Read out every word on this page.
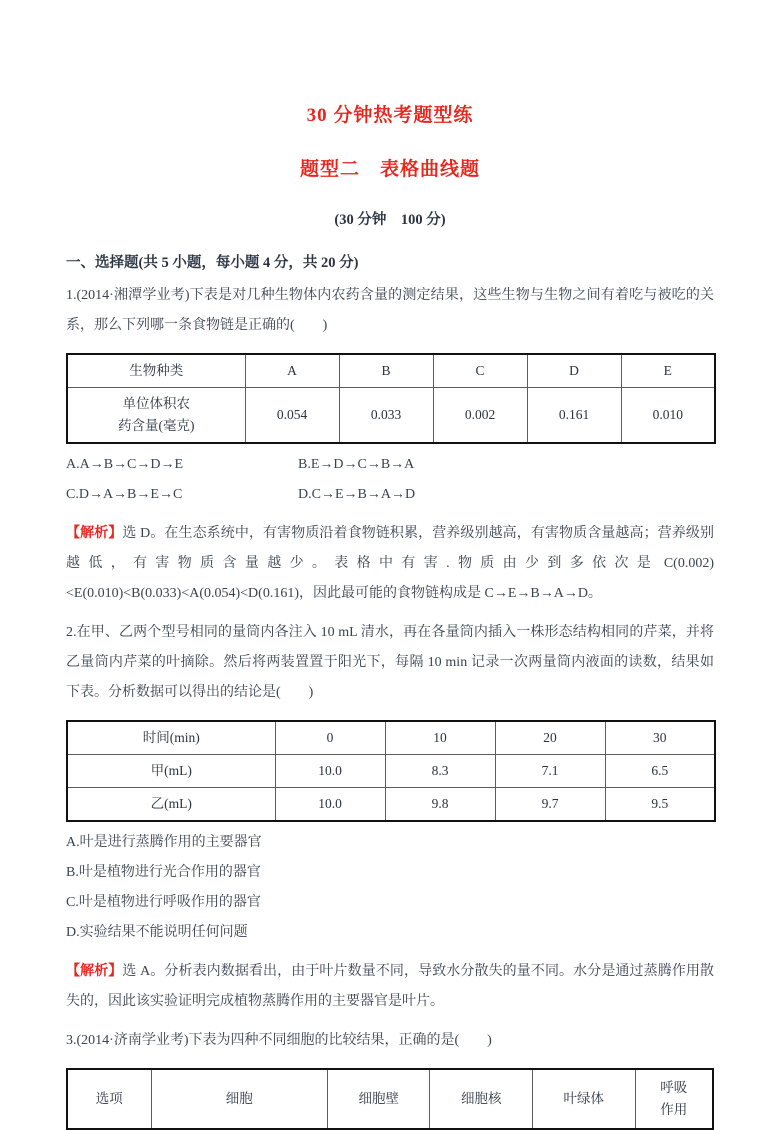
30 分钟热考题型练
题型二　表格曲线题
(30 分钟　100 分)
一、选择题(共 5 小题，每小题 4 分，共 20 分)
1.(2014·湘潭学业考)下表是对几种生物体内农药含量的测定结果，这些生物与生物之间有着吃与被吃的关系，那么下列哪一条食物链是正确的(　　)
生物种类	A	B	C	D	E

单位体积农
药含量(毫克)	0.054	0.033	0.002	0.161	0.010
A.A→B→C→D→E	B.E→D→C→B→A
C.D→A→B→E→C	D.C→E→B→A→D
【解析】选 D。在生态系统中，有害物质沿着食物链积累，营养级别越高，有害物质含量越高；营养级别 越低，有害物质含量越少。表格中有害.物质由少到多依次是 C(0.002)<E(0.010)<B(0.033)<A(0.054)<D(0.161)，因此最可能的食物链构成是 C→E→B→A→D。
2.在甲、乙两个型号相同的量筒内各注入 10 mL 清水，再在各量筒内插入一株形态结构相同的芹菜，并将乙量筒内芹菜的叶摘除。然后将两装置置于阳光下，每隔 10 min 记录一次两量筒内液面的读数，结果如下表。分析数据可以得出的结论是(　　)
时间(min)	0	10	20	30
甲(mL)	10.0	8.3	7.1	6.5
乙(mL)	10.0	9.8	9.7	9.5
A.叶是进行蒸腾作用的主要器官
B.叶是植物进行光合作用的器官
C.叶是植物进行呼吸作用的器官
D.实验结果不能说明任何问题
【解析】选 A。分析表内数据看出，由于叶片数量不同，导致水分散失的量不同。水分是通过蒸腾作用散 失的，因此该实验证明完成植物蒸腾作用的主要器官是叶片。
3.(2014·济南学业考)下表为四种不同细胞的比较结果，正确的是(　　)
选项	细胞	细胞壁	细胞核	叶绿体	
呼吸
作用
